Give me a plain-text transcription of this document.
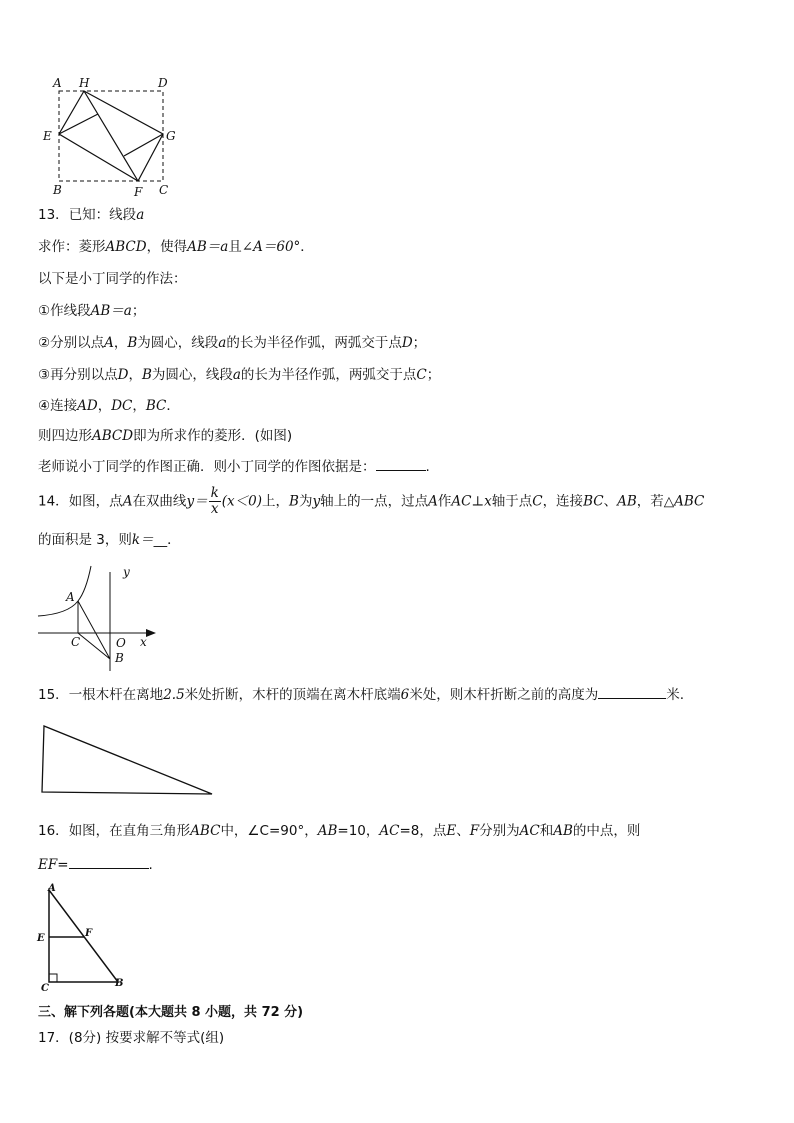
A H	D
E	G
B	F C
13．已知：线段a
求作：菱形ABCD，使得AB＝a且∠A＝60°．
以下是小丁同学的作法：
①作线段AB＝a；
②分别以点A，B为圆心，线段a的长为半径作弧，两弧交于点D；
③再分别以点D，B为圆心，线段a的长为半径作弧，两弧交于点C；
④连接AD，DC，BC．
则四边形ABCD即为所求作的菱形．(如图)
老师说小丁同学的作图正确．则小丁同学的作图依据是：	.
14．如图，点A在双曲线$y= \frac{k}{x} (x<0)$上，B为y轴上的一点，过点A作AC⊥x轴于点C，连接BC、AB，若△ABC
的面积是 3，则k＝__．
y
A
C	O x
B
15．一根木杆在离地2.5米处折断，木杆的顶端在离木杆底端6米处，则木杆折断之前的高度为	米.
16．如图，在直角三角形ABC中，∠C=90°，AB=10，AC=8，点E、F分别为AC和AB的中点，则
EF=	.
A
E	F
C	B
三、解下列各题(本大题共 8 小题，共 72 分)
17．(8分) 按要求解不等式(组)
